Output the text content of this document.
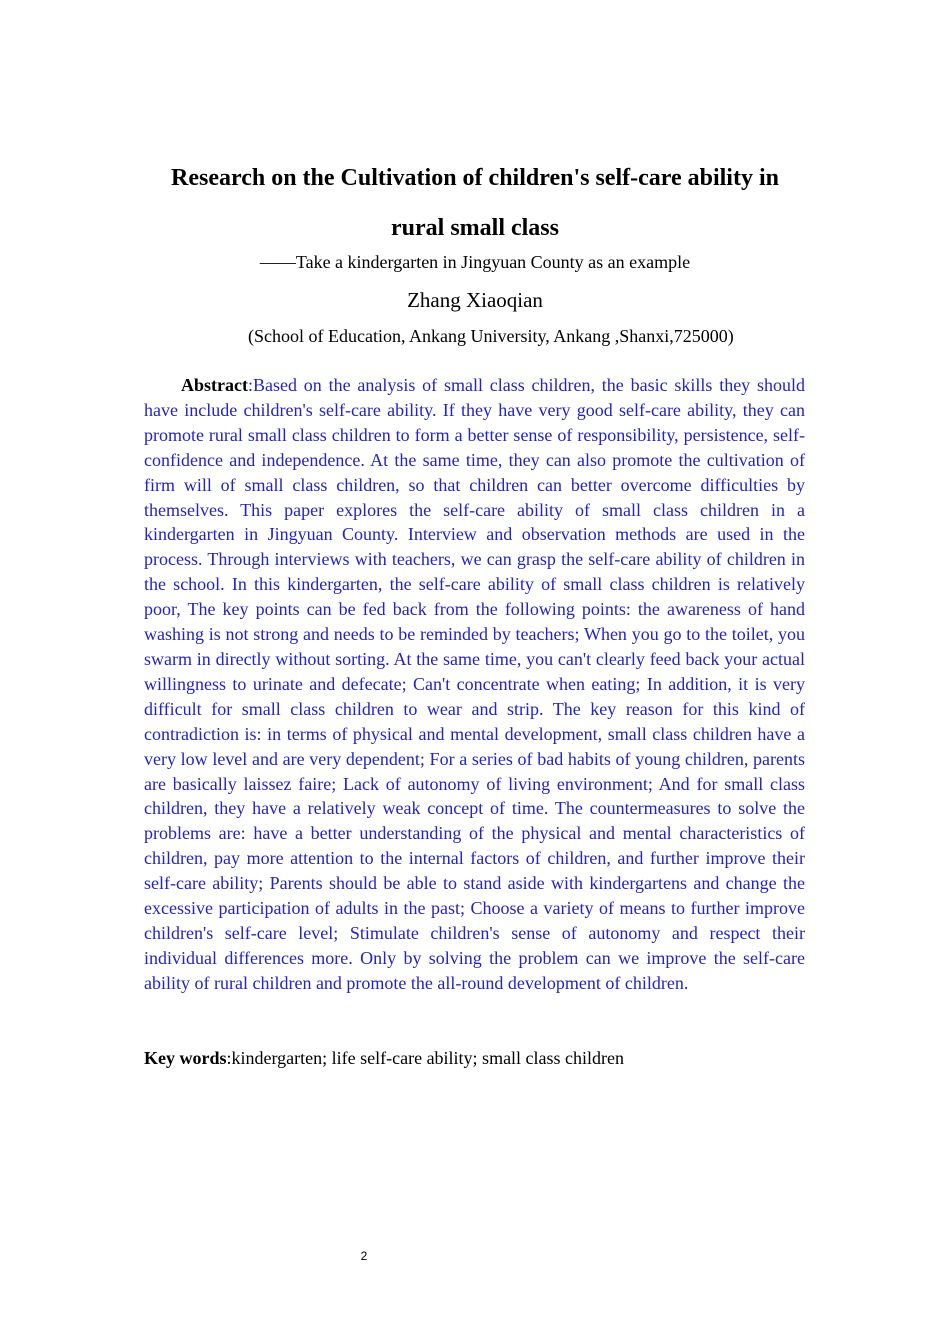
Research on the Cultivation of children's self-care ability in
rural small class

——Take a kindergarten in Jingyuan County as an example

Zhang Xiaoqian

(School of Education, Ankang University, Ankang ,Shanxi,725000)

Abstract:Based on the analysis of small class children, the basic skills they should have include children's self-care ability. If they have very good self-care ability, they can promote rural small class children to form a better sense of responsibility, persistence, self-confidence and independence. At the same time, they can also promote the cultivation of firm will of small class children, so that children can better overcome difficulties by themselves. This paper explores the self-care ability of small class children in a kindergarten in Jingyuan County. Interview and observation methods are used in the process. Through interviews with teachers, we can grasp the self-care ability of children in the school. In this kindergarten, the self-care ability of small class children is relatively poor, The key points can be fed back from the following points: the awareness of hand washing is not strong and needs to be reminded by teachers; When you go to the toilet, you swarm in directly without sorting. At the same time, you can't clearly feed back your actual willingness to urinate and defecate; Can't concentrate when eating; In addition, it is very difficult for small class children to wear and strip. The key reason for this kind of contradiction is: in terms of physical and mental development, small class children have a very low level and are very dependent; For a series of bad habits of young children, parents are basically laissez faire; Lack of autonomy of living environment; And for small class children, they have a relatively weak concept of time. The countermeasures to solve the problems are: have a better understanding of the physical and mental characteristics of children, pay more attention to the internal factors of children, and further improve their self-care ability; Parents should be able to stand aside with kindergartens and change the excessive participation of adults in the past; Choose a variety of means to further improve children's self-care level; Stimulate children's sense of autonomy and respect their individual differences more. Only by solving the problem can we improve the self-care ability of rural children and promote the all-round development of children.

Key words:kindergarten; life self-care ability; small class children

2
